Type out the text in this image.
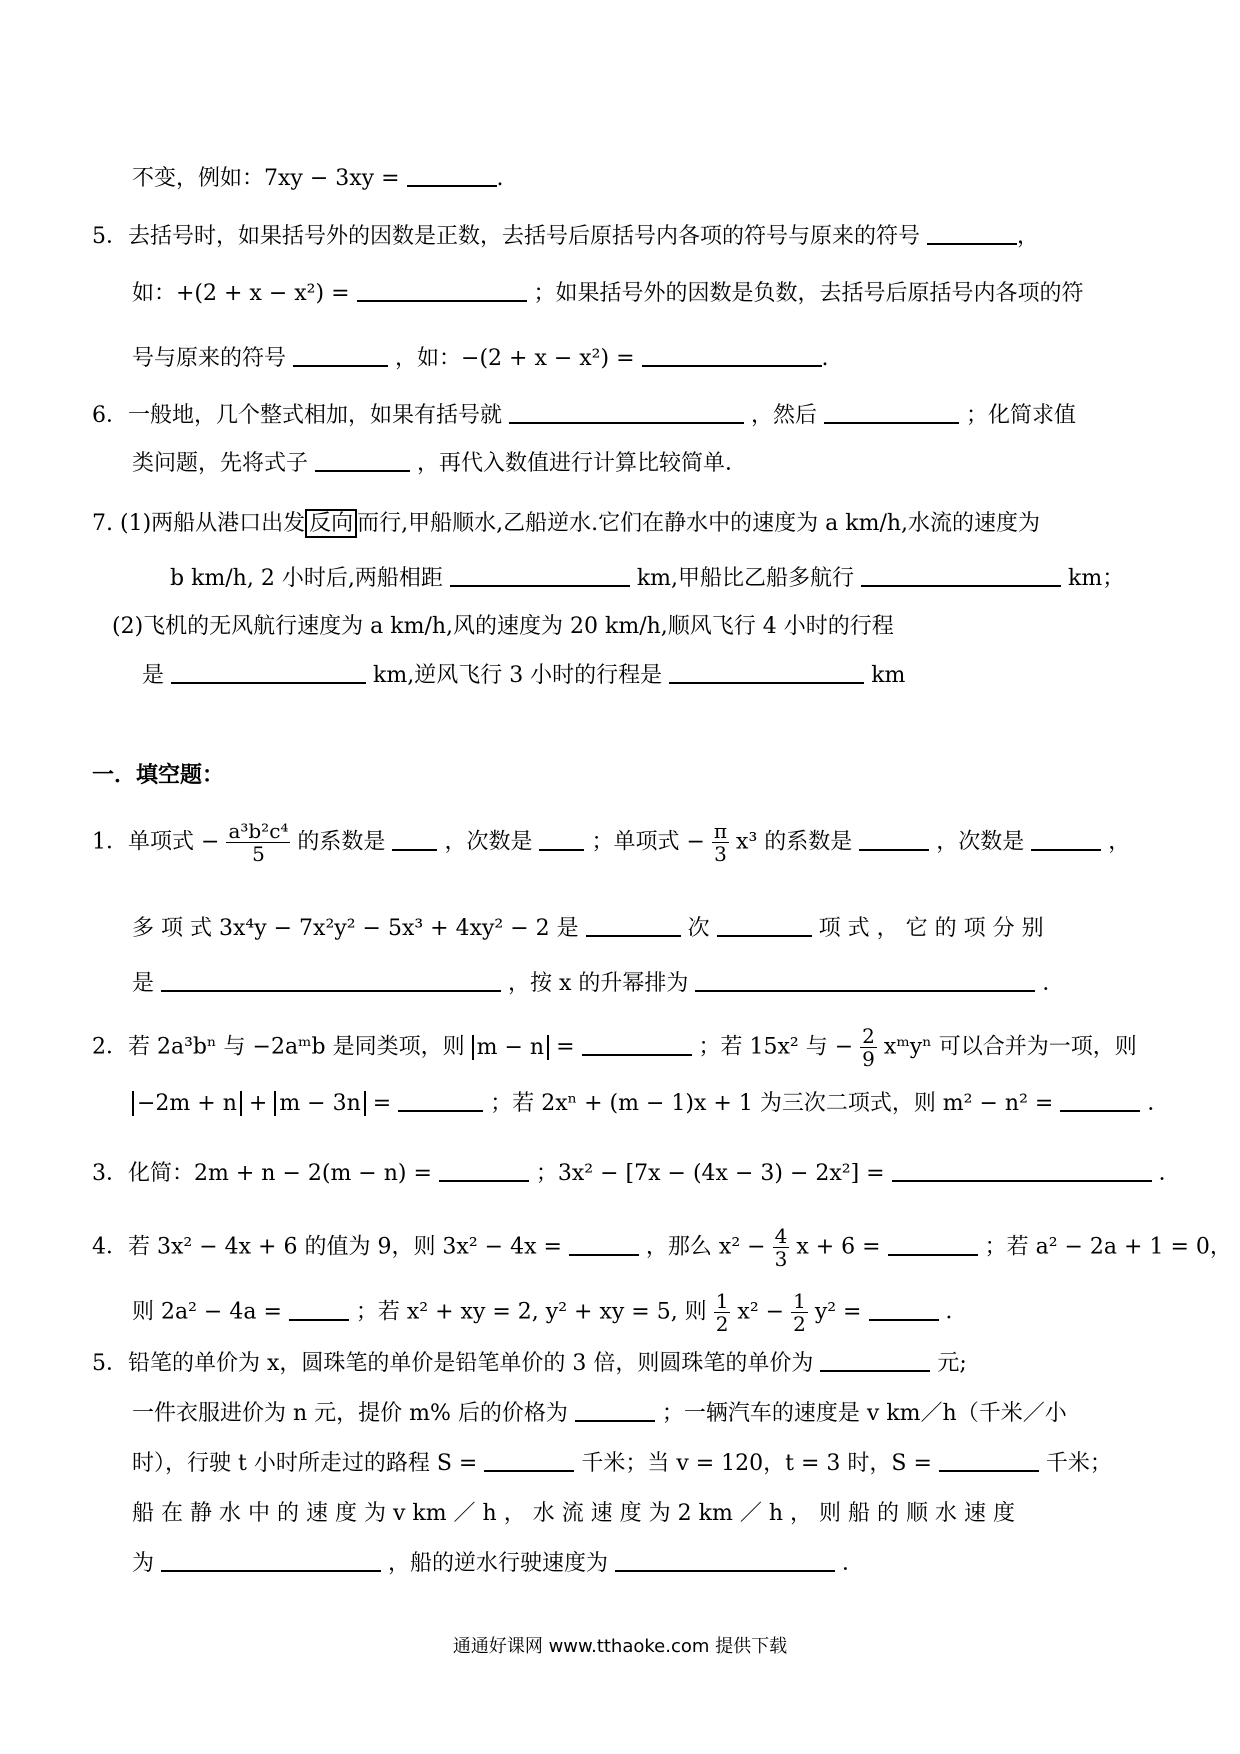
不变，例如：7xy − 3xy =	.
5．去括号时，如果括号外的因数是正数，去括号后原括号内各项的符号与原来的符号	，
如：+(2 + x − x²) =	；如果括号外的因数是负数，去括号后原括号内各项的符
号与原来的符号	，如：−(2 + x − x²) =	.
6．一般地，几个整式相加，如果有括号就	，然后	；化简求值
类问题，先将式子	，再代入数值进行计算比较简单．
7. (1)两船从港口出发 反向 而行,甲船顺水,乙船逆水.它们在静水中的速度为 a km/h,水流的速度为
b km/h, 2 小时后,两船相距	km,甲船比乙船多航行	km；
(2)飞机的无风航行速度为 a km/h,风的速度为 20 km/h,顺风飞行 4 小时的行程
是	km,逆风飞行 3 小时的行程是	km
一．填空题：
1．单项式 − $\frac{\text{a³b²c⁴}}{5}$ 的系数是	，次数是	；单项式 − $\frac{\pi}{3} x^3$ 的系数是	，次数是	，
多 项 式 3x⁴y − 7x²y² − 5x³ + 4xy² − 2 是	次	项 式 ， 它 的 项 分 别
是	，按 x 的升幂排为	．
2．若 2a³bⁿ 与 −2aᵐb 是同类项，则 m − n =	；若 15x² 与 − $\frac{2}{9}$ xᵐyⁿ 可以合并为一项，则
−2m + n + m − 3n =	；若 2xⁿ + (m − 1)x + 1 为三次二项式，则 m² − n² =	．
3．化简：2m + n − 2(m − n) =	；3x² − [7x − (4x − 3) − 2x²] =	．
4．若 3x² − 4x + 6 的值为 9，则 3x² − 4x =	，那么 $x^2 - \frac{4}{3}$ x + 6 =	；若 a² − 2a + 1 = 0，
则 2a² − 4a =	；若 x² + xy = 2, y² + xy = 5, 则 $\frac{1}{2} x^2 - \frac{1}{2} y^2$ =	．
5．铅笔的单价为 x，圆珠笔的单价是铅笔单价的 3 倍，则圆珠笔的单价为	元;
一件衣服进价为 n 元，提价 m% 后的价格为	；一辆汽车的速度是 v km／h（千米／小
时），行驶 t 小时所走过的路程 S =	千米；当 v = 120，t = 3 时，S =	千米；
船 在 静 水 中 的 速 度 为 v km ／ h ， 水 流 速 度 为 2 km ／ h ， 则 船 的 顺 水 速 度
为	，船的逆水行驶速度为	．
通通好课网 www.tthaoke.com 提供下载
